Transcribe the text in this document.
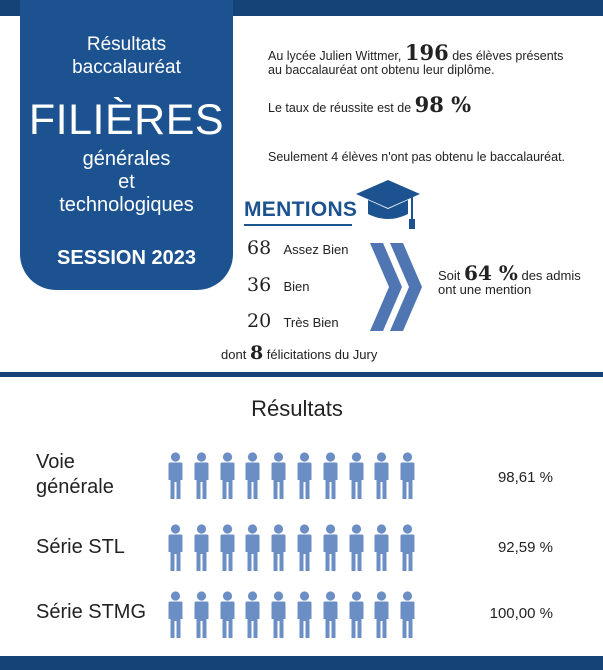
Résultats
baccalauréat
FILIÈRES
générales
et
technologiques
SESSION 2023
Au lycée Julien Wittmer, 196 des élèves présents
au baccalauréat ont obtenu leur diplôme.
Le taux de réussite est de 98 %
Seulement 4 élèves n'ont pas obtenu le baccalauréat.
MENTIONS
68 Assez Bien
36 Bien
20 Très Bien
Soit 64 % des admis
ont une mention
dont 8 félicitations du Jury
Résultats
Voie
générale	98,61 %
Série STL	92,59 %
Série STMG	100,00 %
